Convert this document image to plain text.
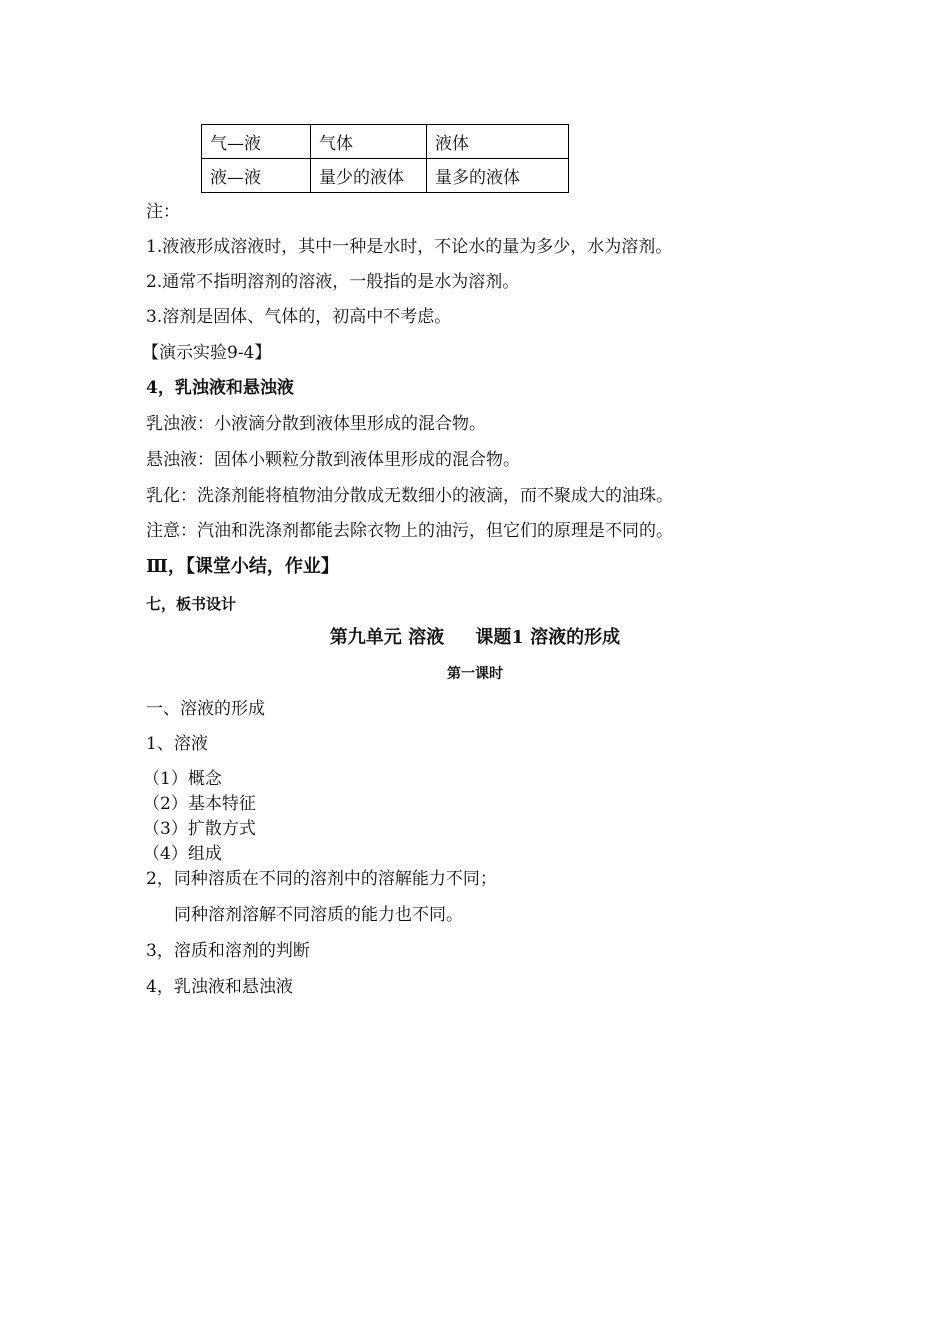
气—液	气体	液体
液—液	量少的液体	量多的液体
注：
1.液液形成溶液时，其中一种是水时，不论水的量为多少，水为溶剂。
2.通常不指明溶剂的溶液，一般指的是水为溶剂。
3.溶剂是固体、气体的，初高中不考虑。
【演示实验9-4】
4，乳浊液和悬浊液
乳浊液：小液滴分散到液体里形成的混合物。
悬浊液：固体小颗粒分散到液体里形成的混合物。
乳化：洗涤剂能将植物油分散成无数细小的液滴，而不聚成大的油珠。
注意：汽油和洗涤剂都能去除衣物上的油污，但它们的原理是不同的。
Ⅲ，【课堂小结，作业】
七，板书设计
第九单元 溶液     课题1 溶液的形成
第一课时
一、溶液的形成
1、溶液
（1）概念
（2）基本特征
（3）扩散方式
（4）组成
2，同种溶质在不同的溶剂中的溶解能力不同；
同种溶剂溶解不同溶质的能力也不同。
3，溶质和溶剂的判断
4，乳浊液和悬浊液
